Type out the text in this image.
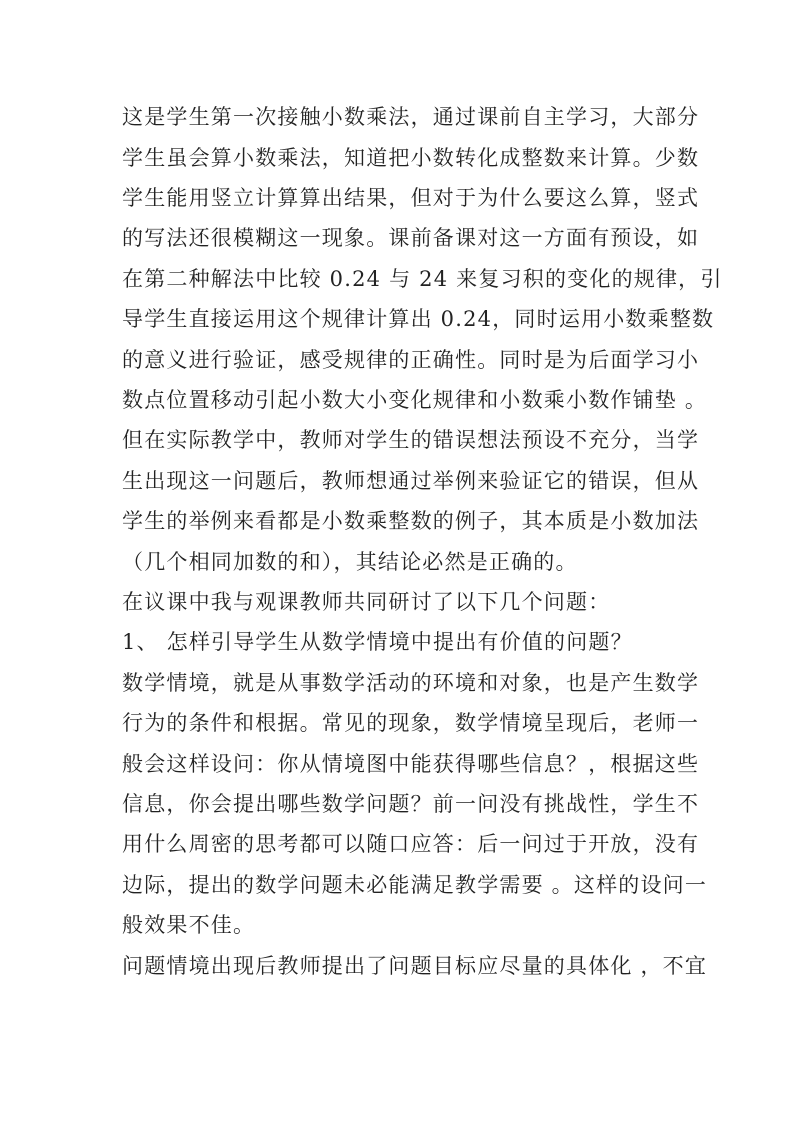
这是学生第一次接触小数乘法，通过课前自主学习，大部分
学生虽会算小数乘法，知道把小数转化成整数来计算。少数
学生能用竖立计算算出结果，但对于为什么要这么算，竖式
的写法还很模糊这一现象。课前备课对这一方面有预设，如
在第二种解法中比较 0.24 与 24 来复习积的变化的规律，引
导学生直接运用这个规律计算出 0.24，同时运用小数乘整数
的意义进行验证，感受规律的正确性。同时是为后面学习小
数点位置移动引起小数大小变化规律和小数乘小数作铺垫 。
但在实际教学中，教师对学生的错误想法预设不充分，当学
生出现这一问题后，教师想通过举例来验证它的错误，但从
学生的举例来看都是小数乘整数的例子，其本质是小数加法
（几个相同加数的和），其结论必然是正确的。
在议课中我与观课教师共同研讨了以下几个问题：
1、 怎样引导学生从数学情境中提出有价值的问题？
数学情境，就是从事数学活动的环境和对象，也是产生数学
行为的条件和根据。常见的现象，数学情境呈现后，老师一
般会这样设问：你从情境图中能获得哪些信息？，根据这些
信息，你会提出哪些数学问题？前一问没有挑战性，学生不
用什么周密的思考都可以随口应答：后一问过于开放，没有
边际，提出的数学问题未必能满足教学需要 。这样的设问一
般效果不佳。
问题情境出现后教师提出了问题目标应尽量的具体化 ，不宜
